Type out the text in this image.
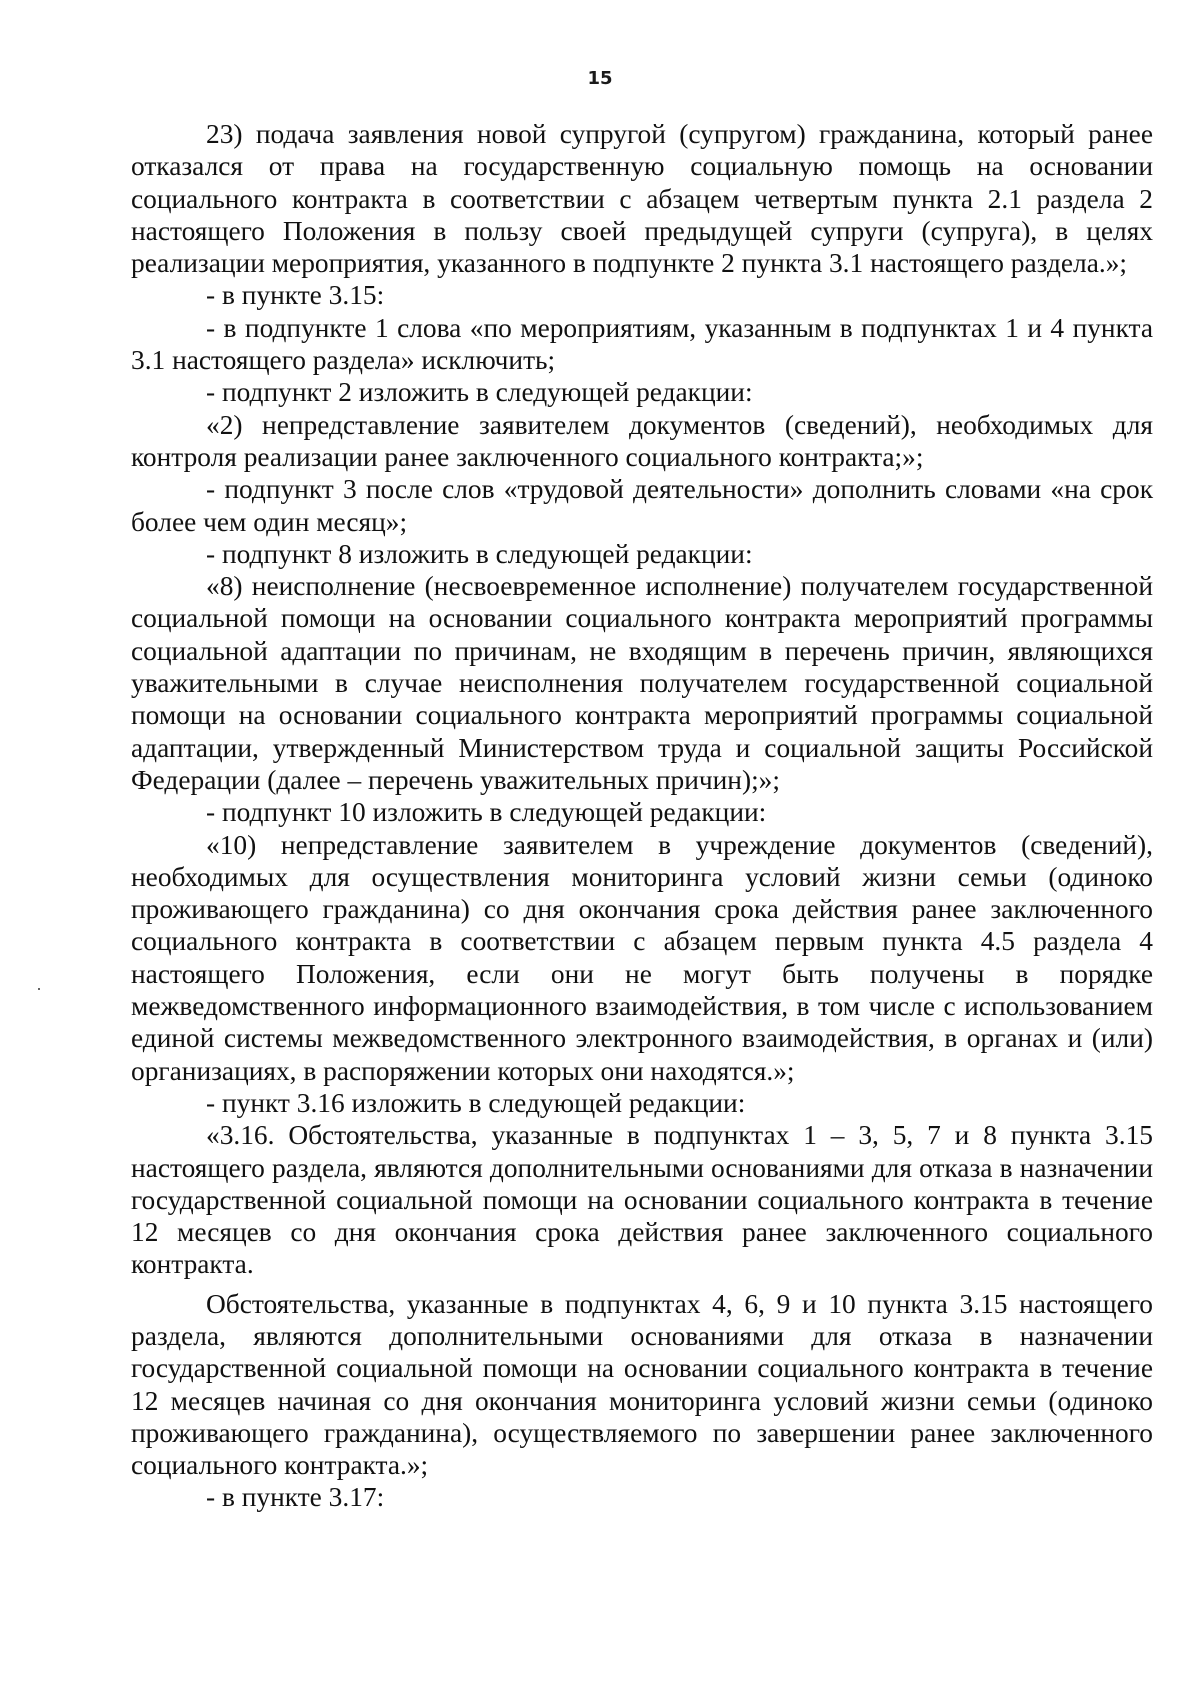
15

23) подача заявления новой супругой (супругом) гражданина, который ранее отказался от права на государственную социальную помощь на основании социального контракта в соответствии с абзацем четвертым пункта 2.1 раздела 2 настоящего Положения в пользу своей предыдущей супруги (супруга), в целях реализации мероприятия, указанного в подпункте 2 пункта 3.1 настоящего раздела.»;

- в пункте 3.15:

- в подпункте 1 слова «по мероприятиям, указанным в подпунктах 1 и 4 пункта 3.1 настоящего раздела» исключить;

- подпункт 2 изложить в следующей редакции:

«2) непредставление заявителем документов (сведений), необходимых для контроля реализации ранее заключенного социального контракта;»;

- подпункт 3 после слов «трудовой деятельности» дополнить словами «на срок более чем один месяц»;

- подпункт 8 изложить в следующей редакции:

«8) неисполнение (несвоевременное исполнение) получателем государственной социальной помощи на основании социального контракта мероприятий программы социальной адаптации по причинам, не входящим в перечень причин, являющихся уважительными в случае неисполнения получателем государственной социальной помощи на основании социального контракта мероприятий программы социальной адаптации, утвержденный Министерством труда и социальной защиты Российской Федерации (далее – перечень уважительных причин);»;

- подпункт 10 изложить в следующей редакции:

«10) непредставление заявителем в учреждение документов (сведений), необходимых для осуществления мониторинга условий жизни семьи (одиноко проживающего гражданина) со дня окончания срока действия ранее заключенного социального контракта в соответствии с абзацем первым пункта 4.5 раздела 4 настоящего Положения, если они не могут быть получены в порядке межведомственного информационного взаимодействия, в том числе с использованием единой системы межведомственного электронного взаимодействия, в органах и (или) организациях, в распоряжении которых они находятся.»;

- пункт 3.16 изложить в следующей редакции:

«3.16. Обстоятельства, указанные в подпунктах 1 – 3, 5, 7 и 8 пункта 3.15 настоящего раздела, являются дополнительными основаниями для отказа в назначении государственной социальной помощи на основании социального контракта в течение 12 месяцев со дня окончания срока действия ранее заключенного социального контракта.

Обстоятельства, указанные в подпунктах 4, 6, 9 и 10 пункта 3.15 настоящего раздела, являются дополнительными основаниями для отказа в назначении государственной социальной помощи на основании социального контракта в течение 12 месяцев начиная со дня окончания мониторинга условий жизни семьи (одиноко проживающего гражданина), осуществляемого по завершении ранее заключенного социального контракта.»;

- в пункте 3.17:
